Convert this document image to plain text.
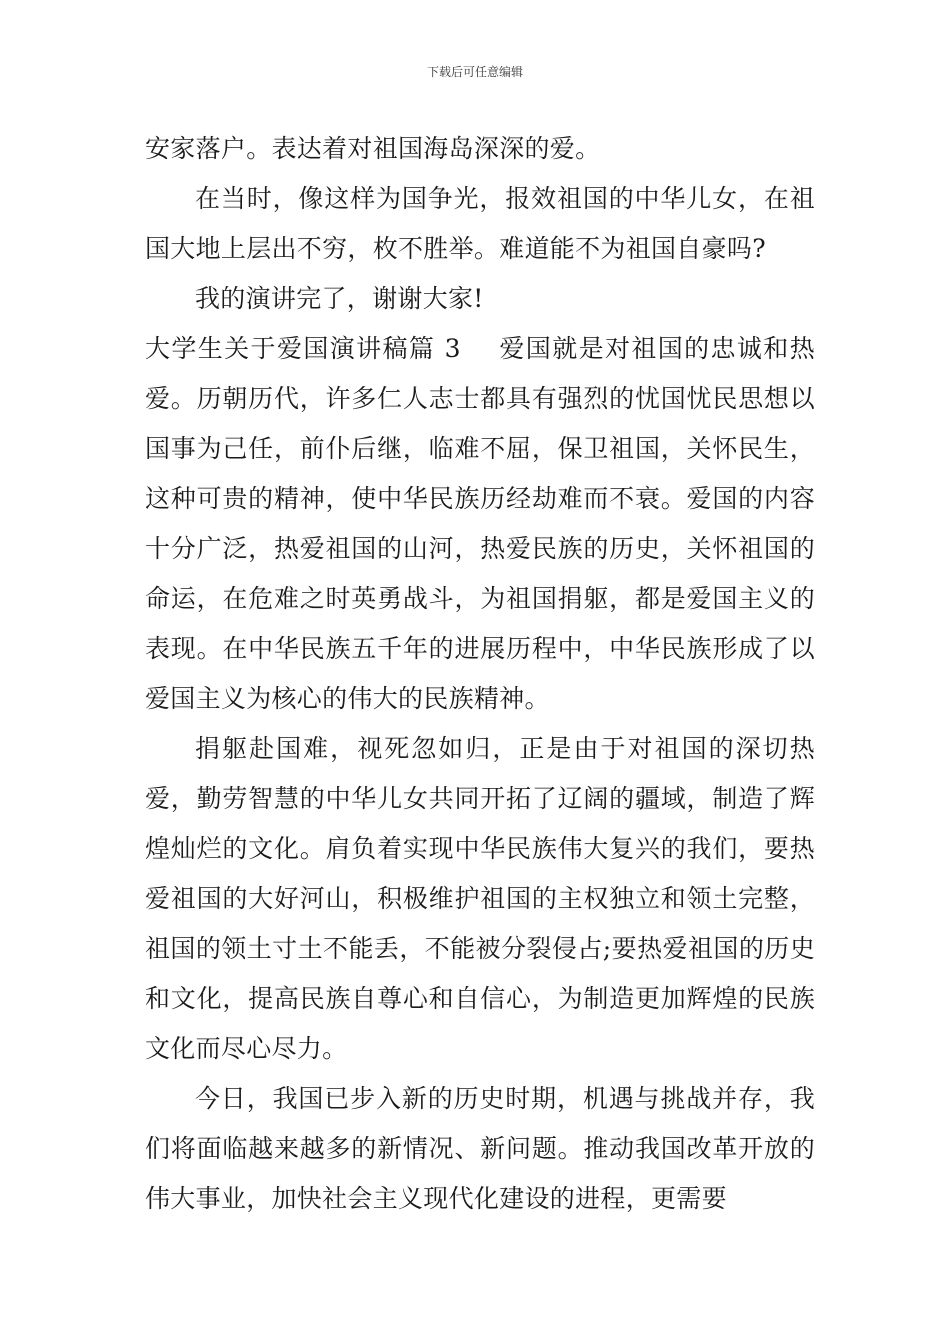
下载后可任意编辑

安家落户。表达着对祖国海岛深深的爱。

在当时，像这样为国争光，报效祖国的中华儿女，在祖国大地上层出不穷，枚不胜举。难道能不为祖国自豪吗?

我的演讲完了，谢谢大家!

大学生关于爱国演讲稿篇 3 爱国就是对祖国的忠诚和热爱。历朝历代，许多仁人志士都具有强烈的忧国忧民思想以国事为己任，前仆后继，临难不屈，保卫祖国，关怀民生，这种可贵的精神，使中华民族历经劫难而不衰。爱国的内容十分广泛，热爱祖国的山河，热爱民族的历史，关怀祖国的命运，在危难之时英勇战斗，为祖国捐躯，都是爱国主义的表现。在中华民族五千年的进展历程中，中华民族形成了以爱国主义为核心的伟大的民族精神。

捐躯赴国难，视死忽如归，正是由于对祖国的深切热爱，勤劳智慧的中华儿女共同开拓了辽阔的疆域，制造了辉煌灿烂的文化。肩负着实现中华民族伟大复兴的我们，要热爱祖国的大好河山，积极维护祖国的主权独立和领土完整，祖国的领土寸土不能丢，不能被分裂侵占;要热爱祖国的历史和文化，提高民族自尊心和自信心，为制造更加辉煌的民族文化而尽心尽力。

今日，我国已步入新的历史时期，机遇与挑战并存，我们将面临越来越多的新情况、新问题。推动我国改革开放的伟大事业，加快社会主义现代化建设的进程，更需要
